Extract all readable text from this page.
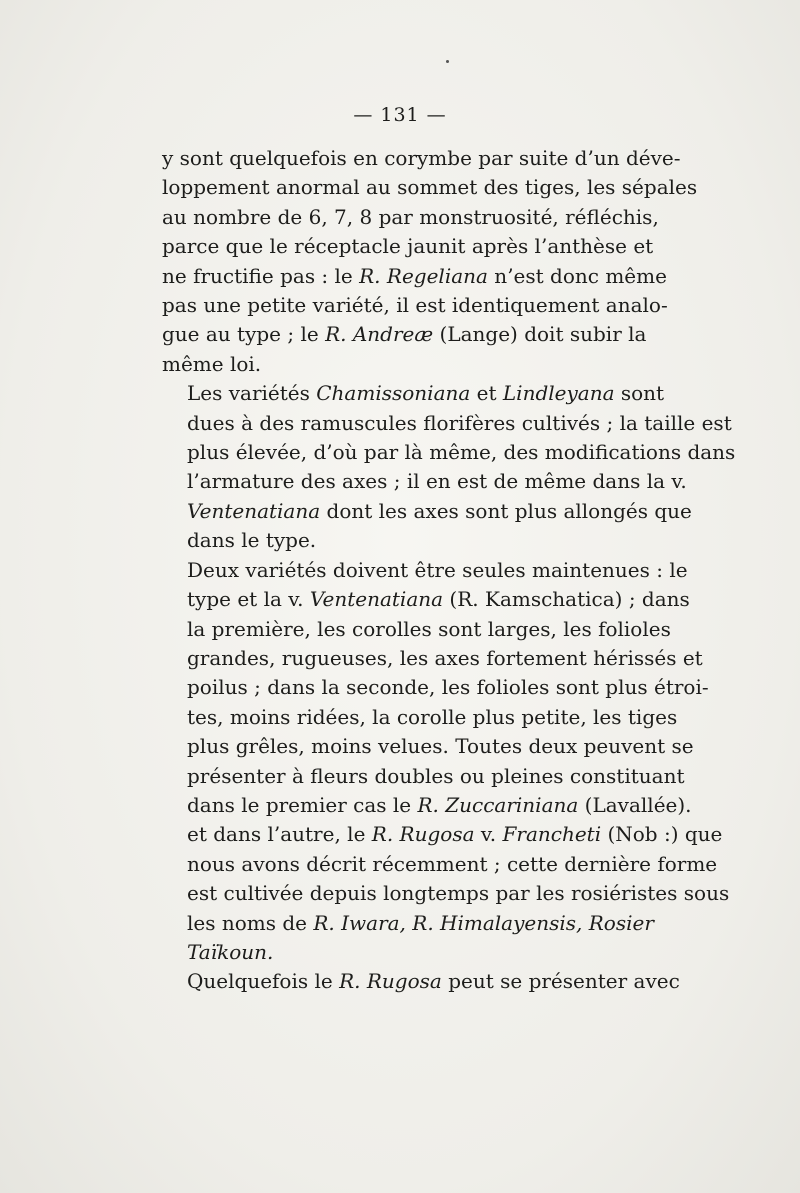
— 131 —
y sont quelquefois en corymbe par suite d’un déve-
loppement anormal au sommet des tiges, les sépales
au nombre de 6, 7, 8 par monstruosité, réfléchis,
parce que le réceptacle jaunit après l’anthèse et
ne fructifie pas : le R. Regeliana n’est donc même
pas une petite variété, il est identiquement analo-
gue au type ; le R. Andreæ (Lange) doit subir la
même loi.
Les variétés Chamissoniana et Lindleyana sont
dues à des ramuscules florifères cultivés ; la taille est
plus élevée, d’où par là même, des modifications dans
l’armature des axes ; il en est de même dans la v.
Ventenatiana dont les axes sont plus allongés que
dans le type.
Deux variétés doivent être seules maintenues : le
type et la v. Ventenatiana (R. Kamschatica) ; dans
la première, les corolles sont larges, les folioles
grandes, rugueuses, les axes fortement hérissés et
poilus ; dans la seconde, les folioles sont plus étroi-
tes, moins ridées, la corolle plus petite, les tiges
plus grêles, moins velues. Toutes deux peuvent se
présenter à fleurs doubles ou pleines constituant
dans le premier cas le R. Zuccariniana (Lavallée).
et dans l’autre, le R. Rugosa v. Francheti (Nob :) que
nous avons décrit récemment ; cette dernière forme
est cultivée depuis longtemps par les rosiéristes sous
les noms de R. Iwara, R. Himalayensis, Rosier
Taïkoun.
Quelquefois le R. Rugosa peut se présenter avec
